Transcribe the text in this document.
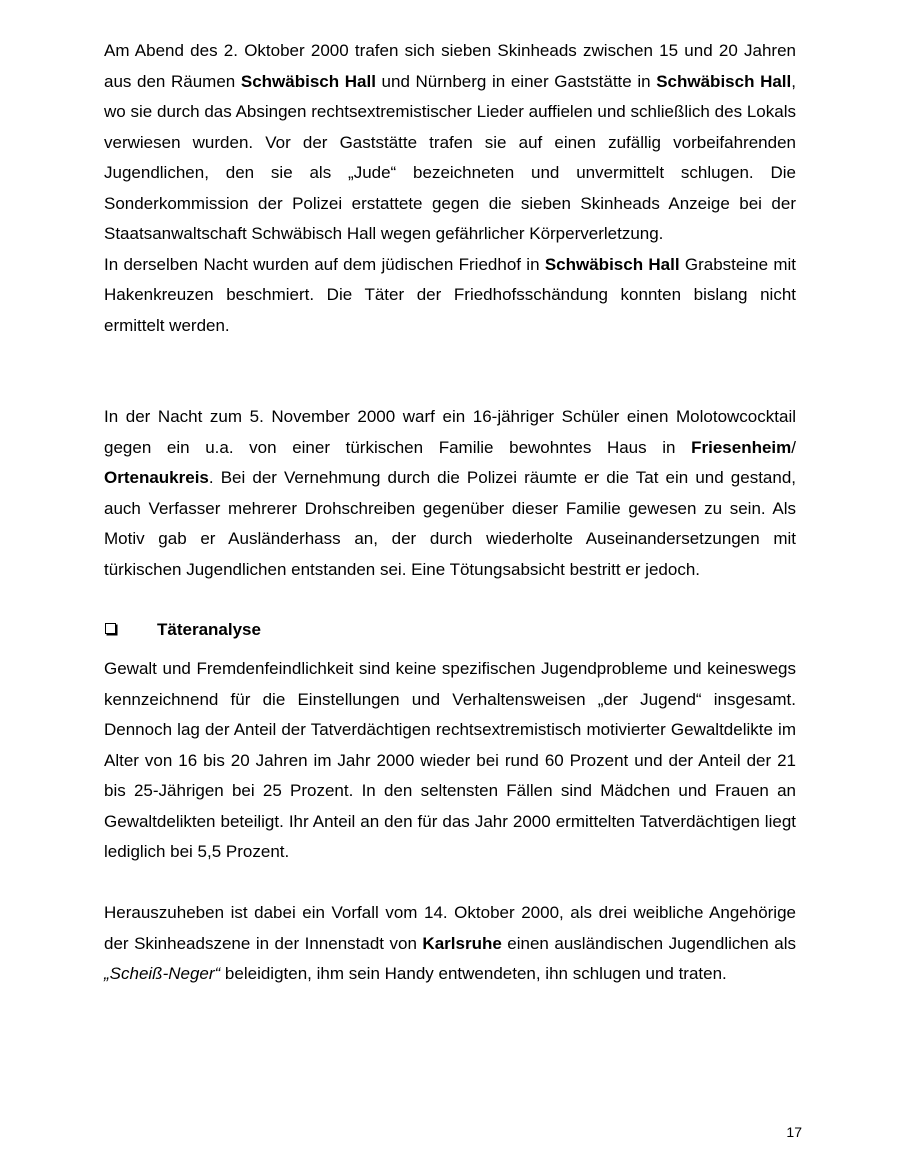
Am Abend des 2. Oktober 2000 trafen sich sieben Skinheads zwischen 15 und 20 Jahren aus den Räumen Schwäbisch Hall und Nürnberg in einer Gaststätte in Schwäbisch Hall, wo sie durch das Absingen rechtsextremistischer Lieder auffielen und schließlich des Lokals verwiesen wurden. Vor der Gaststätte trafen sie auf einen zufällig vorbeifahrenden Jugendlichen, den sie als „Jude“ bezeichneten und unvermittelt schlugen. Die Sonderkommission der Polizei erstattete gegen die sieben Skinheads Anzeige bei der Staatsanwaltschaft Schwäbisch Hall wegen gefährlicher Körperverletzung.

In derselben Nacht wurden auf dem jüdischen Friedhof in Schwäbisch Hall Grabsteine mit Hakenkreuzen beschmiert. Die Täter der Friedhofsschändung konnten bislang nicht ermittelt werden.

In der Nacht zum 5. November 2000 warf ein 16-jähriger Schüler einen Molotowcocktail gegen ein u.a. von einer türkischen Familie bewohntes Haus in Friesenheim/ Ortenaukreis. Bei der Vernehmung durch die Polizei räumte er die Tat ein und gestand, auch Verfasser mehrerer Drohschreiben gegenüber dieser Familie gewesen zu sein. Als Motiv gab er Ausländerhass an, der durch wiederholte Auseinandersetzungen mit türkischen Jugendlichen entstanden sei. Eine Tötungsabsicht bestritt er jedoch.

Täteranalyse

Gewalt und Fremdenfeindlichkeit sind keine spezifischen Jugendprobleme und keineswegs kennzeichnend für die Einstellungen und Verhaltensweisen „der Jugend“ insgesamt. Dennoch lag der Anteil der Tatverdächtigen rechtsextremistisch motivierter Gewaltdelikte im Alter von 16 bis 20 Jahren im Jahr 2000 wieder bei rund 60 Prozent und der Anteil der 21 bis 25-Jährigen bei 25 Prozent. In den seltensten Fällen sind Mädchen und Frauen an Gewaltdelikten beteiligt. Ihr Anteil an den für das Jahr 2000 ermittelten Tatverdächtigen liegt lediglich bei 5,5 Prozent.

Herauszuheben ist dabei ein Vorfall vom 14. Oktober 2000, als drei weibliche Angehörige der Skinheadszene in der Innenstadt von Karlsruhe einen ausländischen Jugendlichen als „Scheiß-Neger“ beleidigten, ihm sein Handy entwendeten, ihn schlugen und traten.

17
